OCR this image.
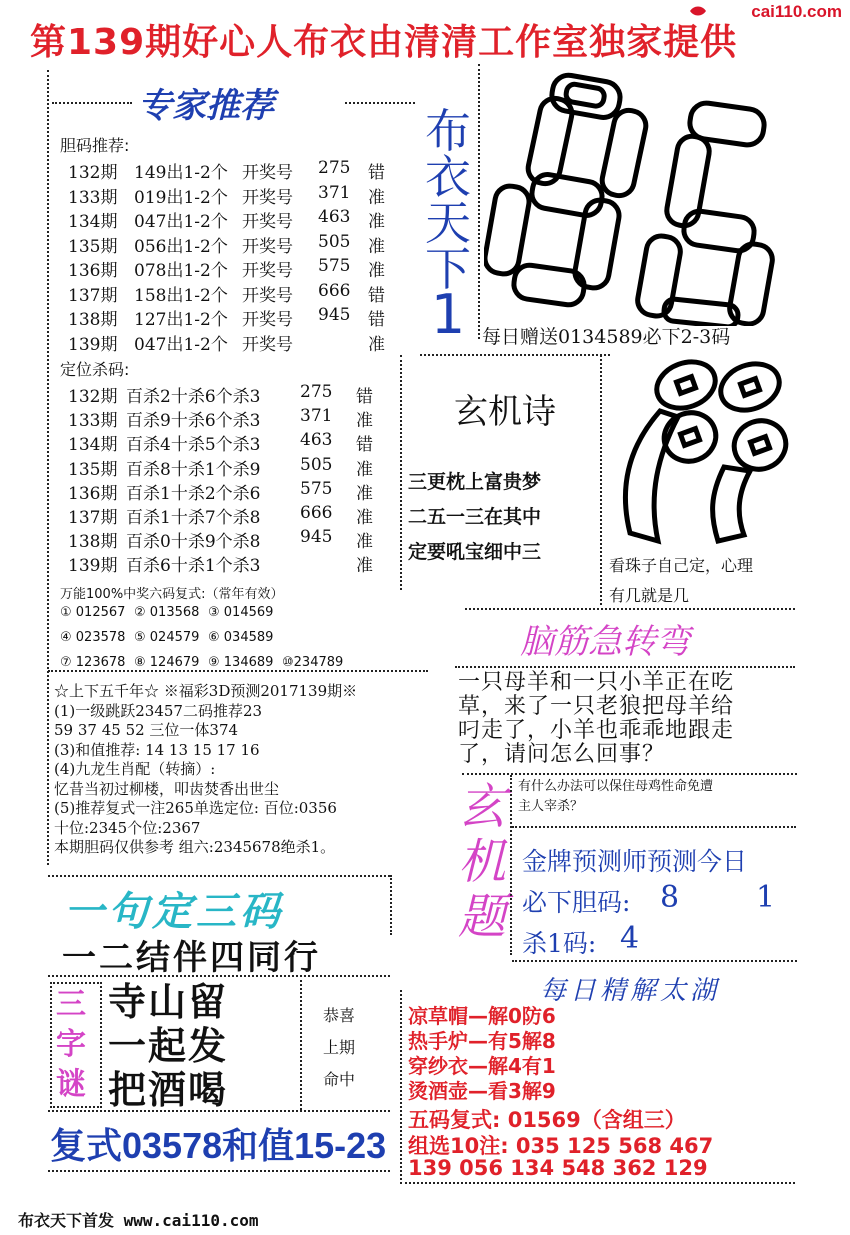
第139期好心人布衣由清清工作室独家提供
cai110.com
专家推荐
胆码推荐:
132期 149出1-2个 开奖号 275 错
133期 019出1-2个 开奖号 371 准
134期 047出1-2个 开奖号 463 准
135期 056出1-2个 开奖号 505 准
136期 078出1-2个 开奖号 575 准
137期 158出1-2个 开奖号 666 错
138期 127出1-2个 开奖号 945 错
139期 047出1-2个 开奖号	准
定位杀码:
132期 百杀2十杀6个杀3 275 错
133期 百杀9十杀6个杀3 371 准
134期 百杀4十杀5个杀3 463 错
135期 百杀8十杀1个杀9 505 准
136期 百杀1十杀2个杀6 575 准
137期 百杀1十杀7个杀8 666 准
138期 百杀0十杀9个杀8 945 准
139期 百杀6十杀1个杀3	准
万能100%中奖六码复式:（常年有效）
① 012567 ② 013568 ③ 014569
④ 023578 ⑤ 024579 ⑥ 034589
⑦ 123678 ⑧ 124679 ⑨ 134689 ⑩234789
☆上下五千年☆ ※福彩3D预测2017139期※
(1)一级跳跃23457二码推荐23
59 37 45 52 三位一体374
(3)和值推荐: 14 13 15 17 16
(4)九龙生肖配（转摘）:
忆昔当初过柳楼，叩齿焚香出世尘
(5)推荐复式一注265单选定位: 百位:0356
十位:2345个位:2367
本期胆码仅供参考 组六:2345678绝杀1。
一句定三码
一二结伴四同行
三
字
谜
寺山留
一起发
把酒喝
恭喜
上期
命中
复式03578和值15-23
布衣天下首发 www.cai110.com
布
衣
天
下
1 每日赠送0134589必下2-3码
玄机诗
三更枕上富贵梦
二五一三在其中
定要吼宝细中三
看珠子自己定，心理
有几就是几
脑筋急转弯
一只母羊和一只小羊正在吃
草，来了一只老狼把母羊给
叼走了，小羊也乖乖地跟走
了，请问怎么回事？
玄
机
题
有什么办法可以保住母鸡性命免遭
主人宰杀？
金牌预测师预测今日
必下胆码: 8	1
杀1码: 4
每日精解太湖
凉草帽—解0防6
热手炉—有5解8
穿纱衣—解4有1
烫酒壶—看3解9
五码复式: 01569（含组三）
组选10注: 035 125 568 467
139 056 134 548 362 129
